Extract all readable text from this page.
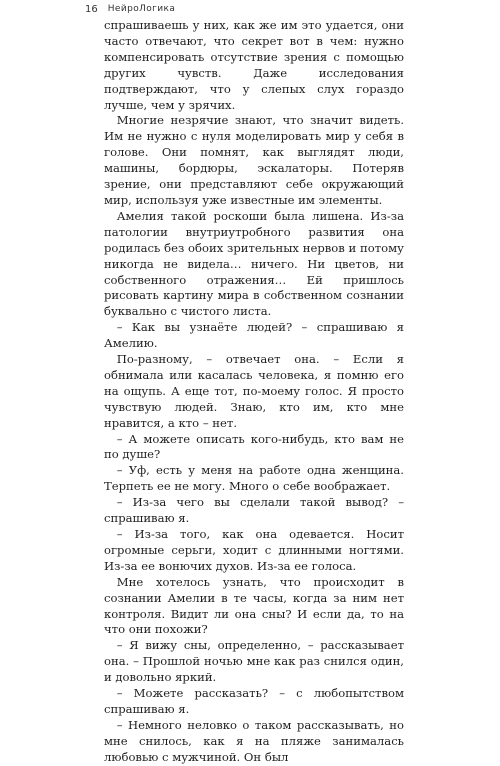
16 НейроЛогика

спрашиваешь у них, как же им это удается, они часто отвечают, что секрет вот в чем: нужно компенсировать отсутствие зрения с помощью других чувств. Даже исследования подтверждают, что у слепых слух гораздо лучше, чем у зрячих.

Многие незрячие знают, что значит видеть. Им не нужно с нуля моделировать мир у себя в голове. Они помнят, как выглядят люди, машины, бордюры, эскалаторы. Потеряв зрение, они представляют себе окружающий мир, используя уже известные им элементы.

Амелия такой роскоши была лишена. Из-за патологии внутриутробного развития она родилась без обоих зрительных нервов и потому никогда не видела… ничего. Ни цветов, ни собственного отражения… Ей пришлось рисовать картину мира в собственном сознании буквально с чистого листа.

– Как вы узнаёте людей? – спрашиваю я Амелию.

По-разному, – отвечает она. – Если я обнимала или касалась человека, я помню его на ощупь. А еще тот, по-моему голос. Я просто чувствую людей. Знаю, кто им, кто мне нравится, а кто – нет.

– А можете описать кого-нибудь, кто вам не по душе?

– Уф, есть у меня на работе одна женщина. Терпеть ее не могу. Много о себе воображает.

– Из-за чего вы сделали такой вывод? – спрашиваю я.

– Из-за того, как она одевается. Носит огромные серьги, ходит с длинными ногтями. Из-за ее вонючих духов. Из-за ее голоса.

Мне хотелось узнать, что происходит в сознании Амелии в те часы, когда за ним нет контроля. Видит ли она сны? И если да, то на что они похожи?

– Я вижу сны, определенно, – рассказывает она. – Прошлой ночью мне как раз снился один, и довольно яркий.

– Можете рассказать? – с любопытством спрашиваю я.

– Немного неловко о таком рассказывать, но мне снилось, как я на пляже занималась любовью с мужчиной. Он был
